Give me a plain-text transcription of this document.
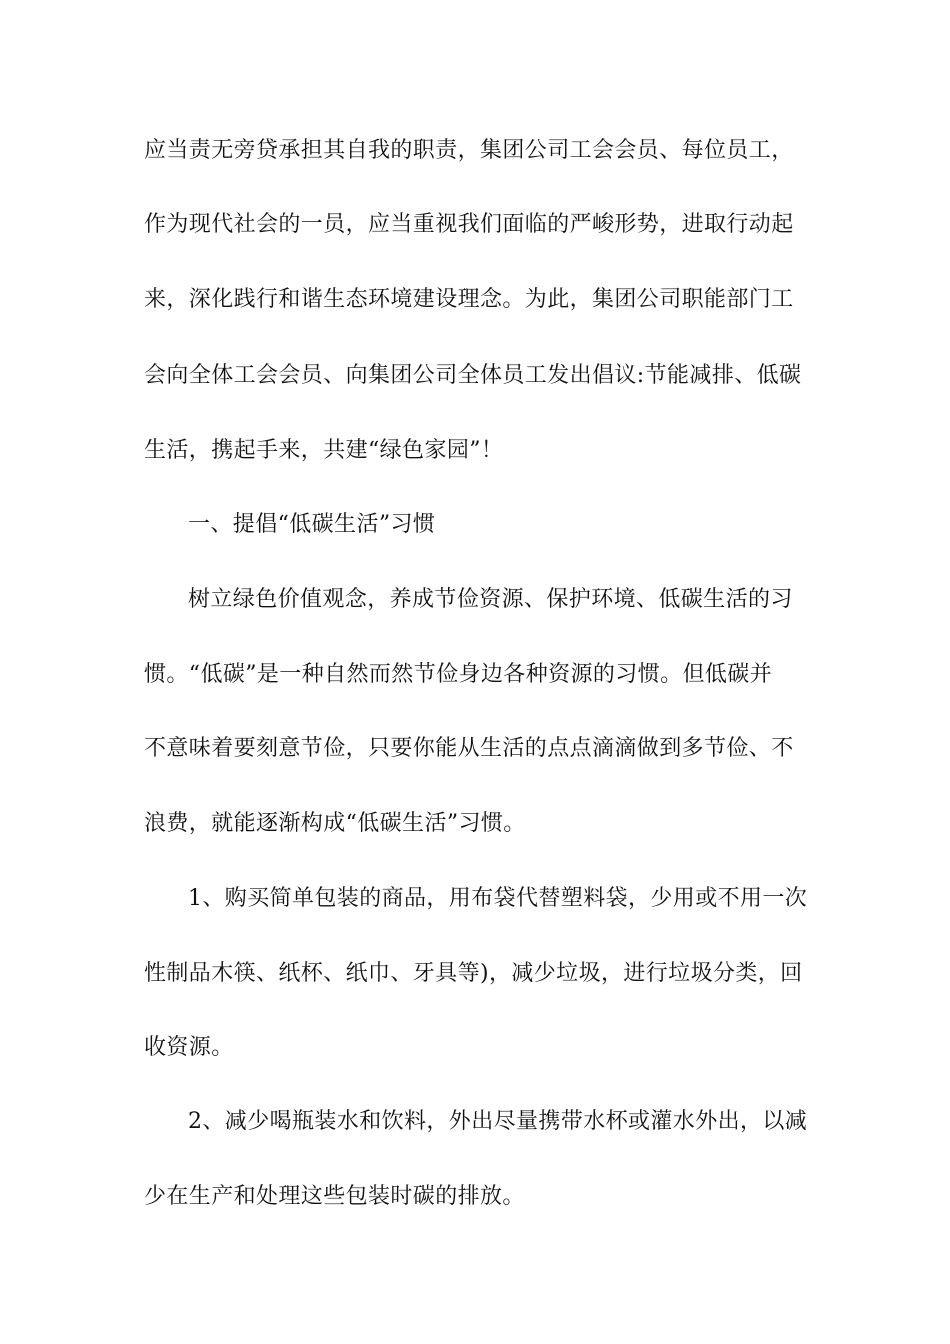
应当责无旁贷承担其自我的职责，集团公司工会会员、每位员工，
作为现代社会的一员，应当重视我们面临的严峻形势，进取行动起
来，深化践行和谐生态环境建设理念。为此，集团公司职能部门工
会向全体工会会员、向集团公司全体员工发出倡议:节能减排、低碳
生活，携起手来，共建“绿色家园”！
一、提倡“低碳生活”习惯
树立绿色价值观念，养成节俭资源、保护环境、低碳生活的习
惯。“低碳”是一种自然而然节俭身边各种资源的习惯。但低碳并
不意味着要刻意节俭，只要你能从生活的点点滴滴做到多节俭、不
浪费，就能逐渐构成“低碳生活”习惯。
1、购买简单包装的商品，用布袋代替塑料袋，少用或不用一次
性制品木筷、纸杯、纸巾、牙具等)，减少垃圾，进行垃圾分类，回
收资源。
2、减少喝瓶装水和饮料，外出尽量携带水杯或灌水外出，以减
少在生产和处理这些包装时碳的排放。
